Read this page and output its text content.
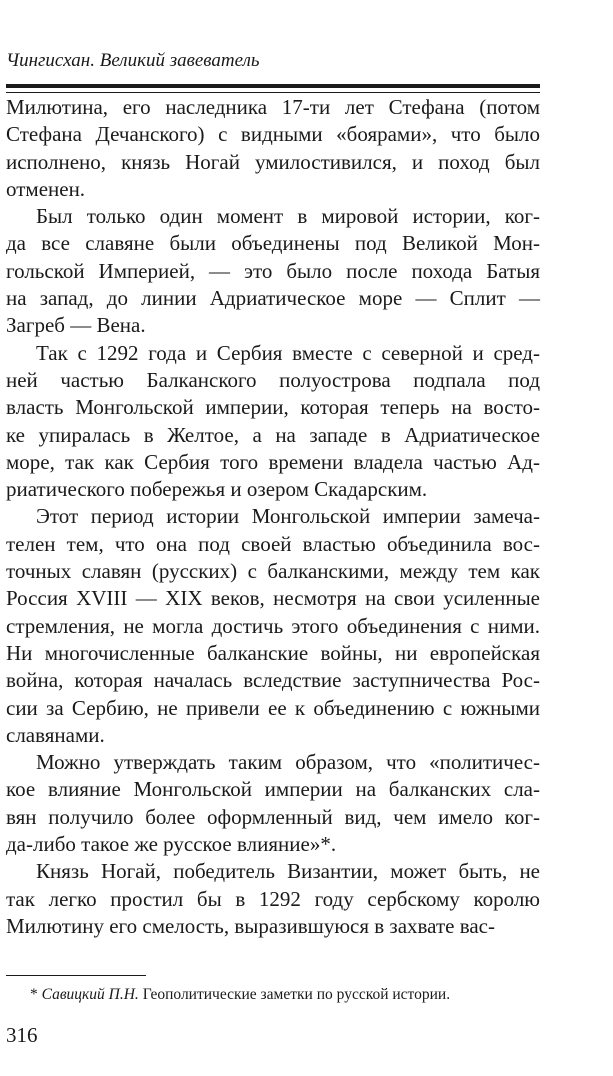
Чингисхан. Великий завеватель
Милютина, его наследника 17-ти лет Стефана (потом
Стефана Дечанского) с видными «боярами», что было
исполнено, князь Ногай умилостивился, и поход был
отменен.
Был только один момент в мировой истории, ког-
да все славяне были объединены под Великой Мон-
гольской Империей, — это было после похода Батыя
на запад, до линии Адриатическое море — Сплит —
Загреб — Вена.
Так с 1292 года и Сербия вместе с северной и сред-
ней частью Балканского полуострова подпала под
власть Монгольской империи, которая теперь на восто-
ке упиралась в Желтое, а на западе в Адриатическое
море, так как Сербия того времени владела частью Ад-
риатического побережья и озером Скадарским.
Этот период истории Монгольской империи замеча-
телен тем, что она под своей властью объединила вос-
точных славян (русских) с балканскими, между тем как
Россия XVIII — XIX веков, несмотря на свои усиленные
стремления, не могла достичь этого объединения с ними.
Ни многочисленные балканские войны, ни европейская
война, которая началась вследствие заступничества Рос-
сии за Сербию, не привели ее к объединению с южными
славянами.
Можно утверждать таким образом, что «политичес-
кое влияние Монгольской империи на балканских сла-
вян получило более оформленный вид, чем имело ког-
да-либо такое же русское влияние»*.
Князь Ногай, победитель Византии, может быть, не
так легко простил бы в 1292 году сербскому королю
Милютину его смелость, выразившуюся в захвате вас-
* Савицкий П.Н. Геополитические заметки по русской истории.
316
